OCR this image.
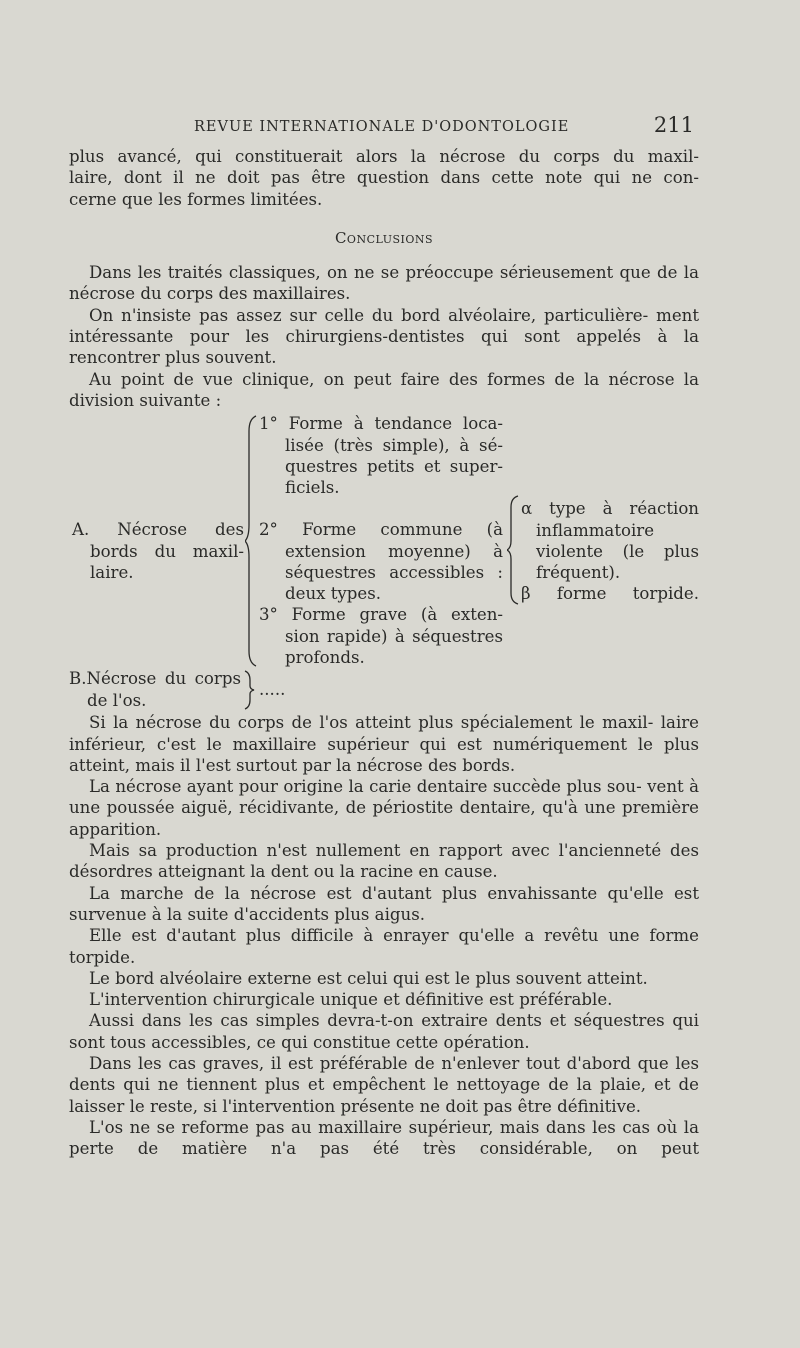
REVUE INTERNATIONALE D'ODONTOLOGIE	211

plus avancé, qui constituerait alors la nécrose du corps du maxil-

laire, dont il ne doit pas être question dans cette note qui ne con-

cerne que les formes limitées.

Conclusions

Dans les traités classiques, on ne se préoccupe sérieusement que de la nécrose du corps des maxillaires.

On n'insiste pas assez sur celle du bord alvéolaire, particulière- ment intéressante pour les chirurgiens-dentistes qui sont appelés à la rencontrer plus souvent.

Au point de vue clinique, on peut faire des formes de la nécrose la division suivante :

A. Nécrose des
bords du maxil-
laire.
1° Forme à tendance loca-
lisée (très simple), à sé-
questres petits et super-
ficiels.
2° Forme commune (à
extension moyenne) à
séquestres accessibles :
deux types.
3° Forme grave (à exten-
sion rapide) à séquestres
profonds.
α type à réaction
inflammatoire
violente (le plus
fréquent).
β forme torpide.
B.Nécrose du corps
de l'os.
.....

Si la nécrose du corps de l'os atteint plus spécialement le maxil- laire inférieur, c'est le maxillaire supérieur qui est numériquement le plus atteint, mais il l'est surtout par la nécrose des bords.

La nécrose ayant pour origine la carie dentaire succède plus sou- vent à une poussée aiguë, récidivante, de périostite dentaire, qu'à une première apparition.

Mais sa production n'est nullement en rapport avec l'ancienneté des désordres atteignant la dent ou la racine en cause.

La marche de la nécrose est d'autant plus envahissante qu'elle est survenue à la suite d'accidents plus aigus.

Elle est d'autant plus difficile à enrayer qu'elle a revêtu une forme torpide.

Le bord alvéolaire externe est celui qui est le plus souvent atteint.

L'intervention chirurgicale unique et définitive est préférable.

Aussi dans les cas simples devra-t-on extraire dents et séquestres qui sont tous accessibles, ce qui constitue cette opération.

Dans les cas graves, il est préférable de n'enlever tout d'abord que les dents qui ne tiennent plus et empêchent le nettoyage de la plaie, et de laisser le reste, si l'intervention présente ne doit pas être définitive.

L'os ne se reforme pas au maxillaire supérieur, mais dans les cas où la perte de matière n'a pas été très considérable, on peut
